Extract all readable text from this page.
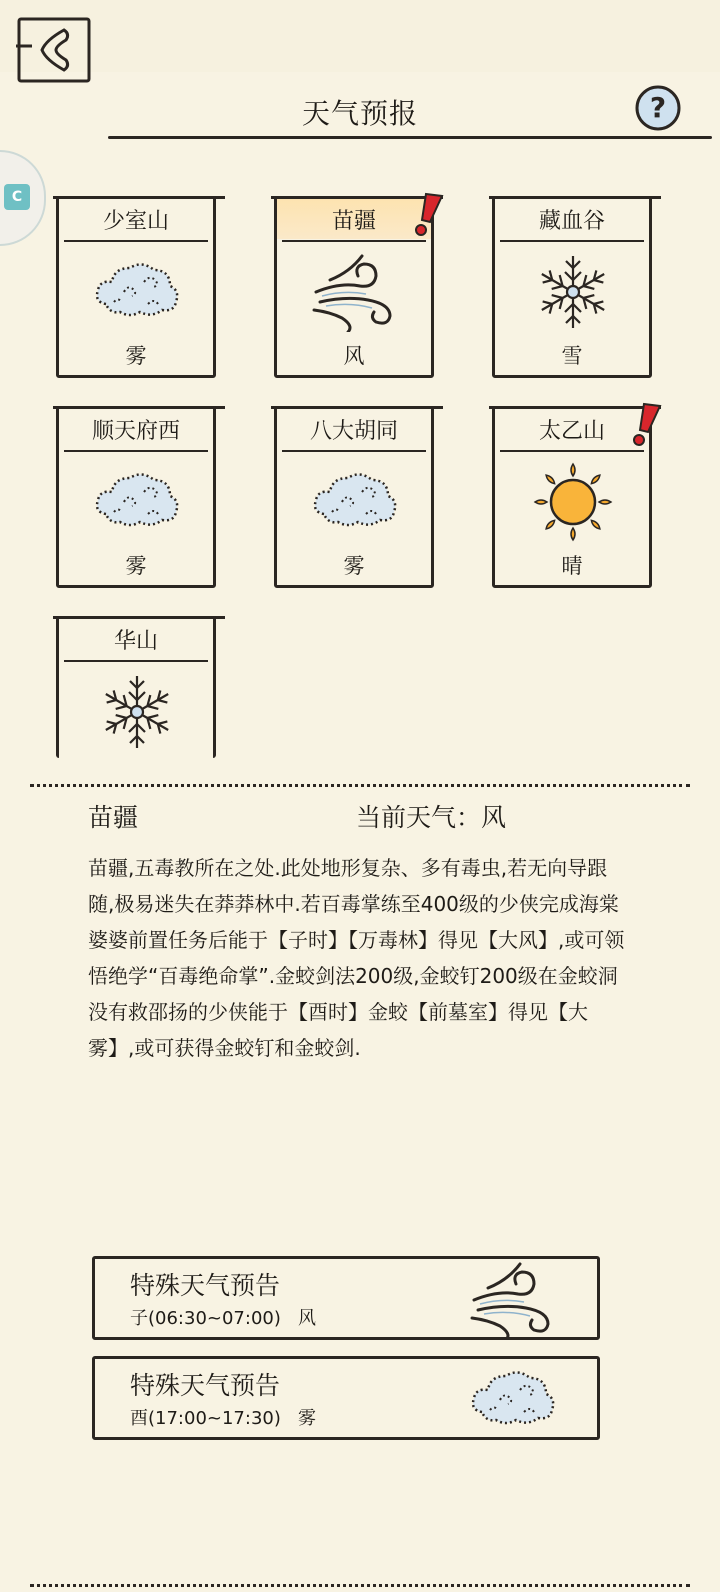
天气预报	?
C
少室山
雾
苗疆
风
藏血谷
雪
顺天府西
雾
八大胡同
雾
太乙山
晴
华山
苗疆	当前天气：风
苗疆,五毒教所在之处.此处地形复杂、多有毒虫,若无向导跟随,极易迷失在莽莽林中.若百毒掌练至400级的少侠完成海棠婆婆前置任务后能于【子时】【万毒林】得见【大风】,或可领悟绝学“百毒绝命掌”.金蛟剑法200级,金蛟钉200级在金蛟洞没有救邵扬的少侠能于【酉时】金蛟【前墓室】得见【大雾】,或可获得金蛟钉和金蛟剑.
特殊天气预告
子(06:30~07:00) 风
特殊天气预告
酉(17:00~17:30) 雾
